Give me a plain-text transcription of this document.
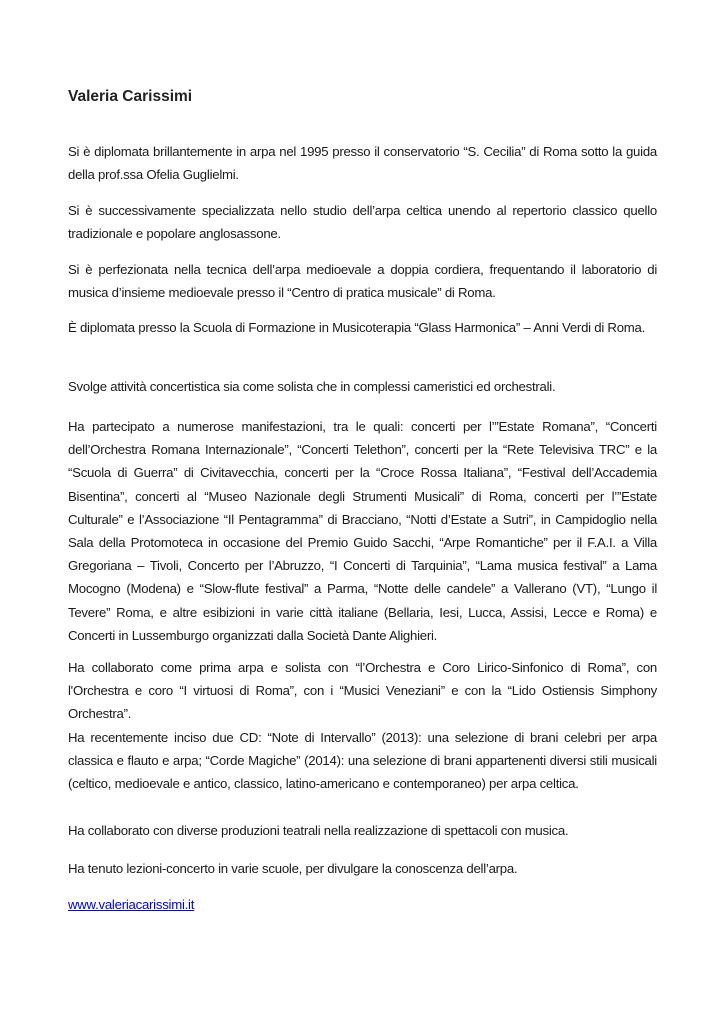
Valeria Carissimi

Si è diplomata brillantemente in arpa nel 1995 presso il conservatorio “S. Cecilia” di Roma sotto la guida della prof.ssa Ofelia Guglielmi.

Si è successivamente specializzata nello studio dell’arpa celtica unendo al repertorio classico quello tradizionale e popolare anglosassone.

Si è perfezionata nella tecnica dell’arpa medioevale a doppia cordiera, frequentando il laboratorio di musica d’insieme medioevale presso il “Centro di pratica musicale” di Roma.

È diplomata presso la Scuola di Formazione in Musicoterapia “Glass Harmonica” – Anni Verdi di Roma.

Svolge attività concertistica sia come solista che in complessi cameristici ed orchestrali.

Ha partecipato a numerose manifestazioni, tra le quali: concerti per l’”Estate Romana”, “Concerti dell’Orchestra Romana Internazionale”, “Concerti Telethon”, concerti per la “Rete Televisiva TRC” e la “Scuola di Guerra” di Civitavecchia, concerti per la “Croce Rossa Italiana”, “Festival dell’Accademia Bisentina”, concerti al “Museo Nazionale degli Strumenti Musicali” di Roma, concerti per l’”Estate Culturale” e l’Associazione “Il Pentagramma” di Bracciano, “Notti d’Estate a Sutri”, in Campidoglio nella Sala della Protomoteca in occasione del Premio Guido Sacchi, “Arpe Romantiche” per il F.A.I. a Villa Gregoriana – Tivoli, Concerto per l’Abruzzo, “I Concerti di Tarquinia”, “Lama musica festival” a Lama Mocogno (Modena) e “Slow-flute festival” a Parma, “Notte delle candele” a Vallerano (VT), “Lungo il Tevere” Roma, e altre esibizioni in varie città italiane (Bellaria, Iesi, Lucca, Assisi, Lecce e Roma) e Concerti in Lussemburgo organizzati dalla Società Dante Alighieri.

Ha collaborato come prima arpa e solista con “l’Orchestra e Coro Lirico-Sinfonico di Roma”, con l'Orchestra e coro “I virtuosi di Roma”, con i “Musici Veneziani” e con la “Lido Ostiensis Simphony Orchestra”.

Ha recentemente inciso due CD: “Note di Intervallo” (2013): una selezione di brani celebri per arpa classica e flauto e arpa; “Corde Magiche” (2014): una selezione di brani appartenenti diversi stili musicali (celtico, medioevale e antico, classico, latino-americano e contemporaneo) per arpa celtica.

Ha collaborato con diverse produzioni teatrali nella realizzazione di spettacoli con musica.

Ha tenuto lezioni-concerto in varie scuole, per divulgare la conoscenza dell’arpa.

www.valeriacarissimi.it
